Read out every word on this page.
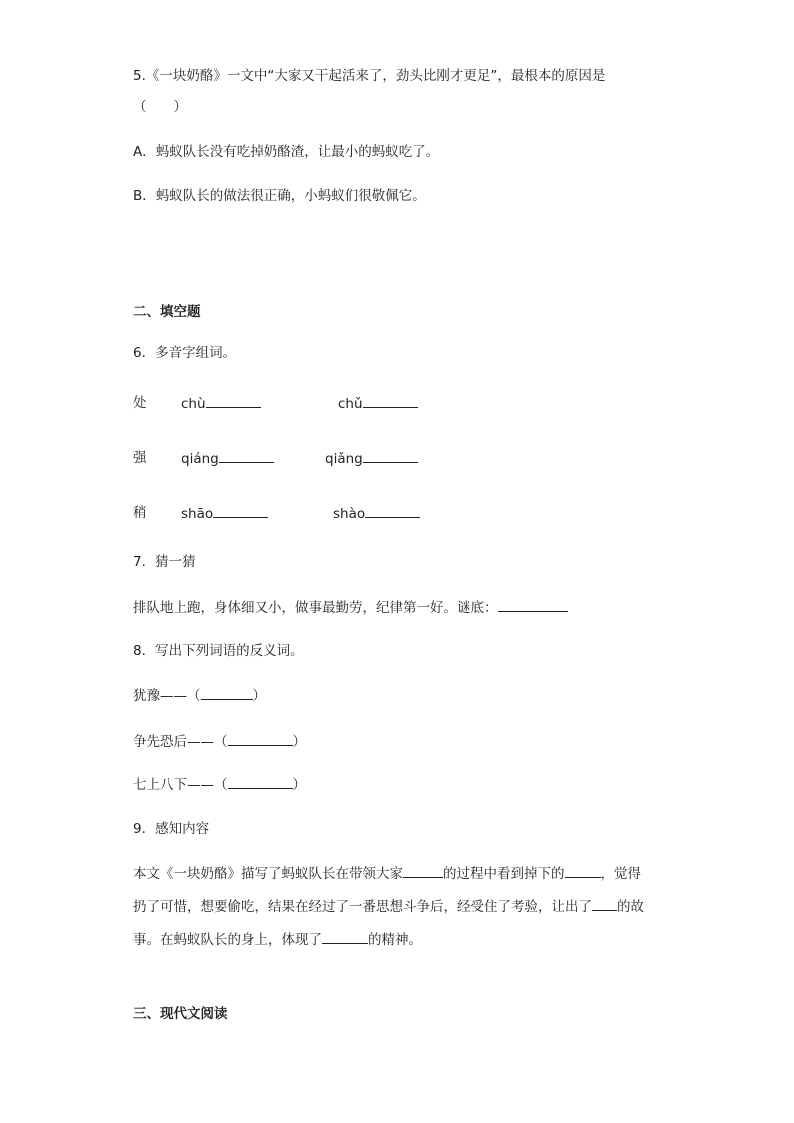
5.《一块奶酪》一文中“大家又干起活来了，劲头比刚才更足”，最根本的原因是
（　　）
A．蚂蚁队长没有吃掉奶酪渣，让最小的蚂蚁吃了。
B．蚂蚁队长的做法很正确，小蚂蚁们很敬佩它。
二、填空题
6．多音字组词。
处	chù	chǔ
强	qiáng	qiǎng
稍	shāo	shào
7．猜一猜
排队地上跑，身体细又小，做事最勤劳，纪律第一好。谜底：
8．写出下列词语的反义词。
犹豫——（	）
争先恐后——（	）
七上八下——（	）
9．感知内容
本文《一块奶酪》描写了蚂蚁队长在带领大家	的过程中看到掉下的	，觉得
扔了可惜，想要偷吃，结果在经过了一番思想斗争后，经受住了考验，让出了 的故
事。在蚂蚁队长的身上，体现了	的精神。
三、现代文阅读
